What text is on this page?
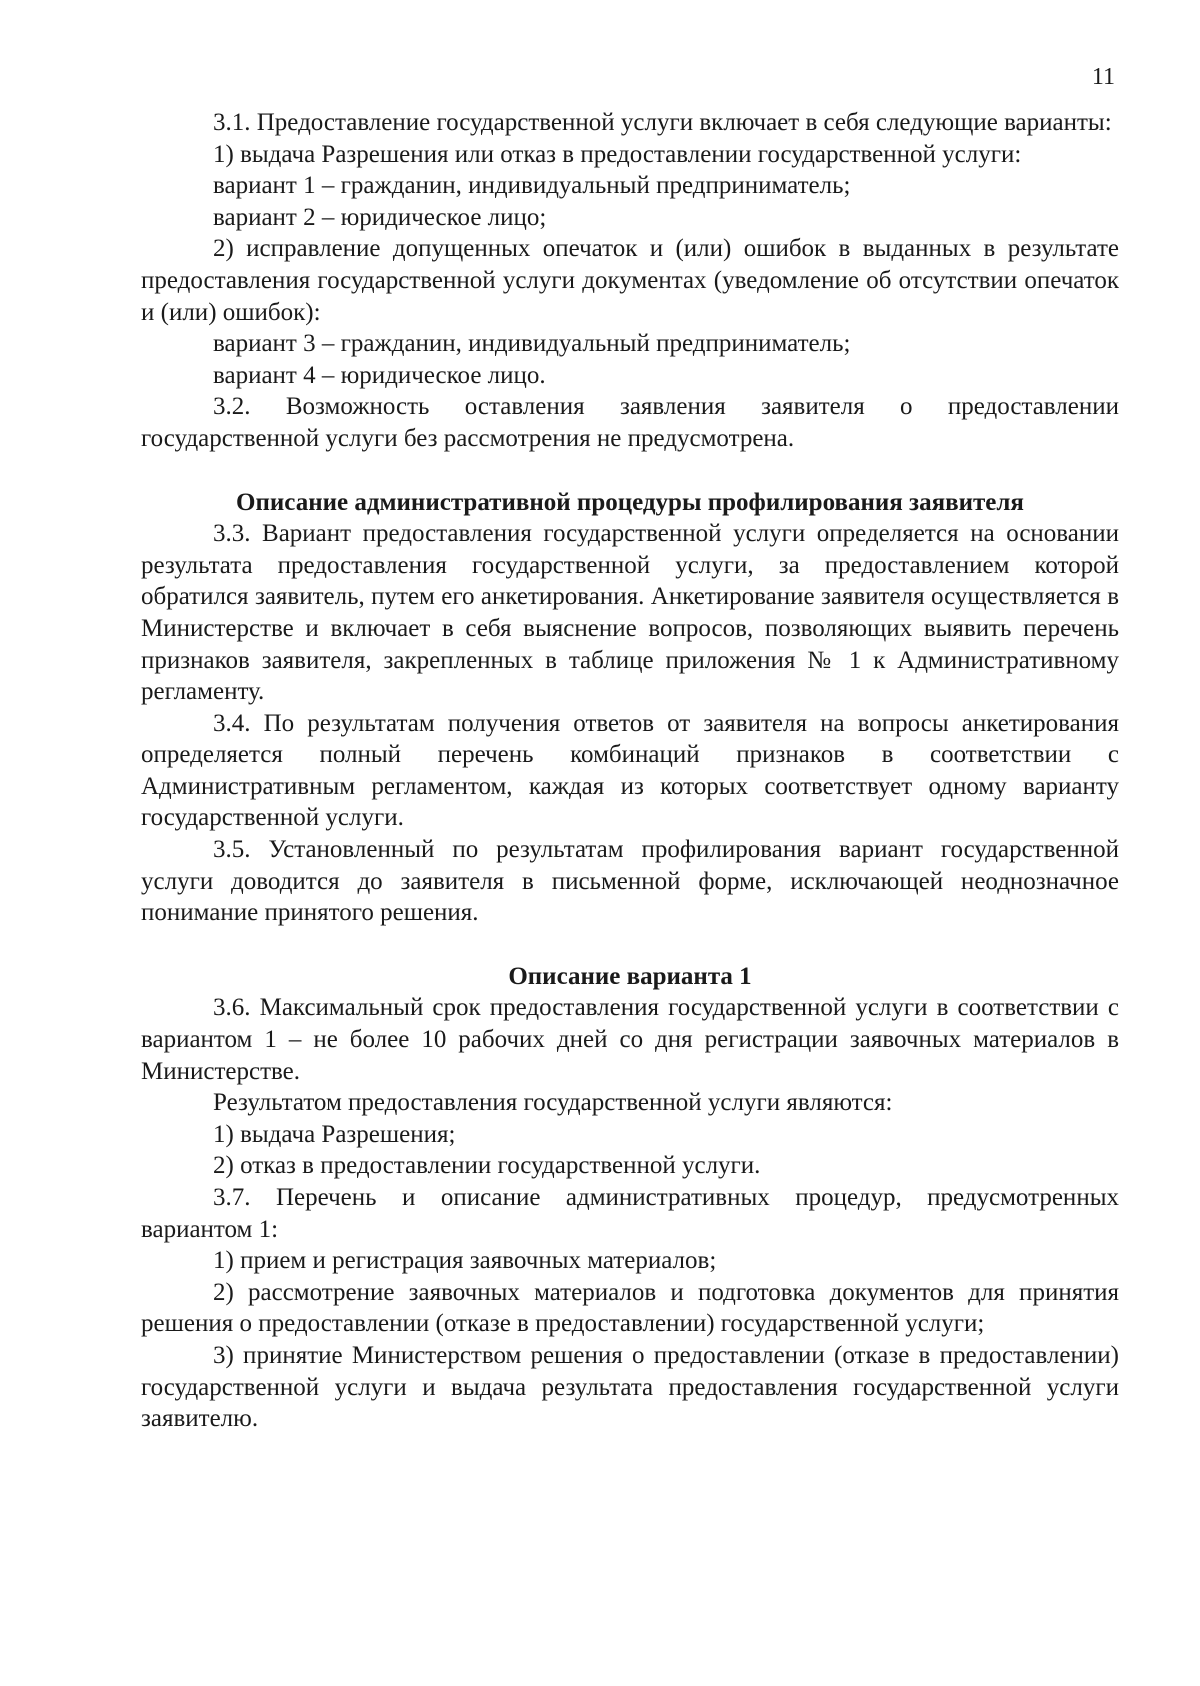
11

3.1. Предоставление государственной услуги включает в себя следующие варианты:

1) выдача Разрешения или отказ в предоставлении государственной услуги:

вариант 1 – гражданин, индивидуальный предприниматель;

вариант 2 – юридическое лицо;

2) исправление допущенных опечаток и (или) ошибок в выданных в результате предоставления государственной услуги документах (уведомление об отсутствии опечаток и (или) ошибок):

вариант 3 – гражданин, индивидуальный предприниматель;

вариант 4 – юридическое лицо.

3.2. Возможность оставления заявления заявителя о предоставлении государственной услуги без рассмотрения не предусмотрена.

Описание административной процедуры профилирования заявителя

3.3. Вариант предоставления государственной услуги определяется на основании результата предоставления государственной услуги, за предоставлением которой обратился заявитель, путем его анкетирования. Анкетирование заявителя осуществляется в Министерстве и включает в себя выяснение вопросов, позволяющих выявить перечень признаков заявителя, закрепленных в таблице приложения № 1 к Административному регламенту.

3.4. По результатам получения ответов от заявителя на вопросы анкетирования определяется полный перечень комбинаций признаков в соответствии с Административным регламентом, каждая из которых соответствует одному варианту государственной услуги.

3.5. Установленный по результатам профилирования вариант государственной услуги доводится до заявителя в письменной форме, исключающей неоднозначное понимание принятого решения.

Описание варианта 1

3.6. Максимальный срок предоставления государственной услуги в соответствии с вариантом 1 – не более 10 рабочих дней со дня регистрации заявочных материалов в Министерстве.

Результатом предоставления государственной услуги являются:

1) выдача Разрешения;

2) отказ в предоставлении государственной услуги.

3.7. Перечень и описание административных процедур, предусмотренных вариантом 1:

1) прием и регистрация заявочных материалов;

2) рассмотрение заявочных материалов и подготовка документов для принятия решения о предоставлении (отказе в предоставлении) государственной услуги;

3) принятие Министерством решения о предоставлении (отказе в предоставлении) государственной услуги и выдача результата предоставления государственной услуги заявителю.
